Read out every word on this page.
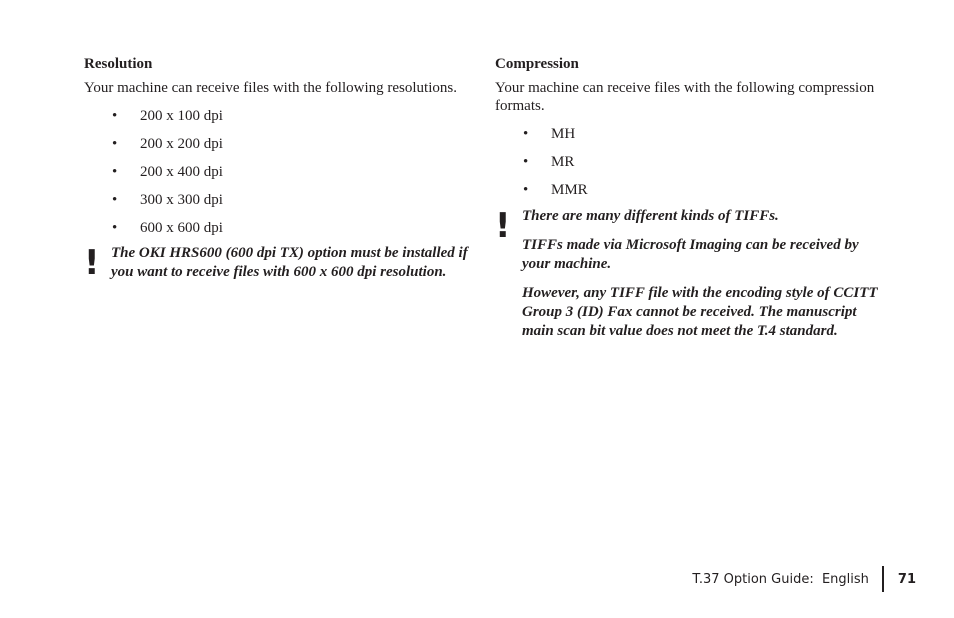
Resolution

Your machine can receive files with the following resolutions.

• 200 x 100 dpi
• 200 x 200 dpi
• 200 x 400 dpi
• 300 x 300 dpi
• 600 x 600 dpi
! The OKI HRS600 (600 dpi TX) option must be installed if you want to receive files with 600 x 600 dpi resolution.

Compression

Your machine can receive files with the following compression formats.

• MH
• MR
• MMR
! There are many different kinds of TIFFs.

TIFFs made via Microsoft Imaging can be received by your machine.

However, any TIFF file with the encoding style of CCITT Group 3 (ID) Fax cannot be received. The manuscript main scan bit value does not meet the T.4 standard.

T.37 Option Guide:  English 71
